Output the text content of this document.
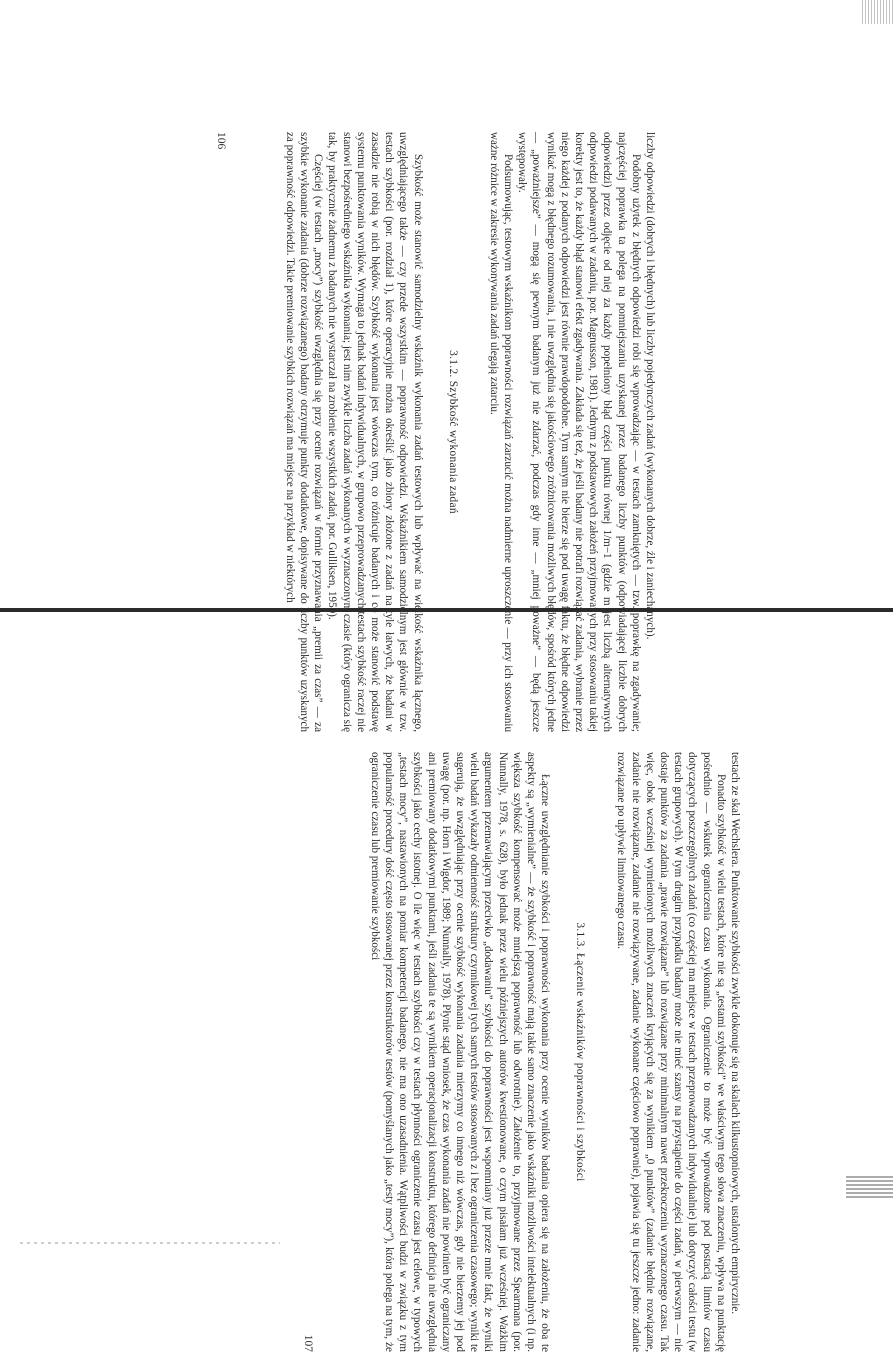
liczby odpowiedzi (dobrych i błędnych) lub liczby pojedynczych zadań (wykonanych dobrze, źle i zaniechanych).

Podobny użytek z błędnych odpowiedzi robi się wprowadzając — w testach zamkniętych — tzw. poprawkę na zgadywanie; najczęściej poprawka ta polega na pomniejszaniu uzyskanej przez badanego liczby punktów (odpowiadającej liczbie dobrych odpowiedzi) przez odjęcie od niej za każdy popełniony błąd części punktu równej 1/m−1 (gdzie m jest liczbą alternatywnych odpowiedzi podawanych w zadaniu, por. Magnusson, 1981). Jednym z podstawowych założeń przyjmowanych przy stosowaniu takiej korekty jest to, że każdy błąd stanowi efekt zgadywania. Zakłada się też, że jeśli badany nie potrafi rozwiązać zadania, wybranie przez niego każdej z podanych odpowiedzi jest równie prawdopodobne. Tym samym nie bierze się pod uwagę faktu, że błędne odpowiedzi wynikać mogą z błędnego rozumowania, i nie uwzględnia się jakościowego zróżnicowania możliwych błędów, spośród których jedne — „poważniejsze” — mogą się pewnym badanym już nie zdarzać, podczas gdy inne — „mniej poważne” — będą jeszcze występowały.

Podsumowując, testowym wskaźnikom poprawności rozwiązań zarzucić można nadmierne uproszczenie — przy ich stosowaniu ważne różnice w zakresie wykonywania zadań ulegają zatarciu.

3.1.2. Szybkość wykonania zadań

Szybkość może stanowić samodzielny wskaźnik wykonania zadań testowych lub wpływać na wielkość wskaźnika łącznego, uwzględniającego także — czy przede wszystkim — poprawność odpowiedzi. Wskaźnikiem samodzielnym jest głównie w tzw. testach szybkości (por. rozdział 1), które operacyjnie można określić jako zbiory złożone z zadań na tyle łatwych, że badani w zasadzie nie robią w nich błędów. Szybkość wykonania jest wówczas tym, co różnicuje badanych i co może stanowić podstawę systemu punktowania wyników. Wymaga to jednak badań indywidualnych, w grupowo przeprowadzanych testach szybkość raczej nie stanowi bezpośredniego wskaźnika wykonania; jest nim zwykle liczba zadań wykonanych w wyznaczonym czasie (który ogranicza się tak, by praktycznie żadnemu z badanych nie wystarczał na zrobienie wszystkich zadań, por. Gulliksen, 1950).

Częściej (w testach „mocy”) szybkość uwzględnia się przy ocenie rozwiązań w formie przyznawania „premii za czas” — za szybkie wykonanie zadania (dobrze rozwiązanego) badany otrzymuje punkty dodatkowe, dopisywane do liczby punktów uzyskanych za poprawność odpowiedzi. Takie premiowanie szybkich rozwiązań ma miejsce na przykład w niektórych

106

testach ze skal Wechslera. Punktowanie szybkości zwykle dokonuje się na skalach kilkustopniowych, ustalonych empirycznie.

Ponadto szybkość w wielu testach, które nie są „testami szybkości” we właściwym tego słowa znaczeniu, wpływa na punktację pośrednio — wskutek ograniczenia czasu wykonania. Ograniczenie to może być wprowadzone pod postacią limitów czasu dotyczących poszczególnych zadań (co częściej ma miejsce w testach przeprowadzanych indywidualnie) lub dotyczyć całości testu (w testach grupowych). W tym drugim przypadku badany może nie mieć szansy na przystąpienie do części zadań, w pierwszym — nie dostaje punktów za zadania „prawie rozwiązane” lub rozwiązane przy minimalnym nawet przekroczeniu wyznaczonego czasu. Tak więc, obok wcześniej wymienionych możliwych znaczeń kryjących się za wynikiem „0 punktów” (zadanie błędnie rozwiązane, zadanie nie rozwiązane, zadanie nie rozwiązywane, zadanie wykonane częściowo poprawnie), pojawia się tu jeszcze jedno: zadanie rozwiązane po upływie limitowanego czasu.

3.1.3. Łączenie wskaźników poprawności i szybkości

Łączne uwzględnianie szybkości i poprawności wykonania przy ocenie wyników badania opiera się na założeniu, że oba te aspekty są „wymienialne” — że szybkość i poprawność mają takie samo znaczenie jako wskaźniki możliwości intelektualnych (i np. większa szybkość kompensować może mniejszą poprawność lub odwrotnie). Założenie to, przyjmowane przez Spearmana (por. Nunnally, 1978, s. 628), było jednak przez wielu późniejszych autorów kwestionowane, o czym pisałam już wcześniej. Ważkim argumentem przemawiającym przeciwko „dodawaniu” szybkości do poprawności jest wspomniany już przeze mnie fakt, że wyniki wielu badań wykazały odmienność struktury czynnikowej tych samych testów stosowanych z i bez ograniczenia czasowego; wyniki te sugerują, że uwzględniając przy ocenie szybkość wykonania zadania mierzymy co innego niż wówczas, gdy nie bierzemy jej pod uwagę (por. np. Horn i Wigdor, 1989; Nunnally, 1978). Płynie stąd wniosek, że czas wykonania zadań nie powinien być ograniczany ani premiowany dodatkowymi punktami, jeśli zadania te są wynikiem operacjonalizacji konstruktu, którego definicja nie uwzględnia szybkości jako cechy istotnej. O ile więc w testach szybkości czy w testach płynności ograniczenie czasu jest celowe, w typowych „testach mocy”, nastawionych na pomiar kompetencji badanego, nie ma ono uzasadnienia. Wątpliwości budzi w związku z tym popularność procedury dość często stosowanej przez konstruktorów testów (pomyślanych jako „testy mocy”), która polega na tym, że ograniczenie czasu lub premiowanie szybkości

107
